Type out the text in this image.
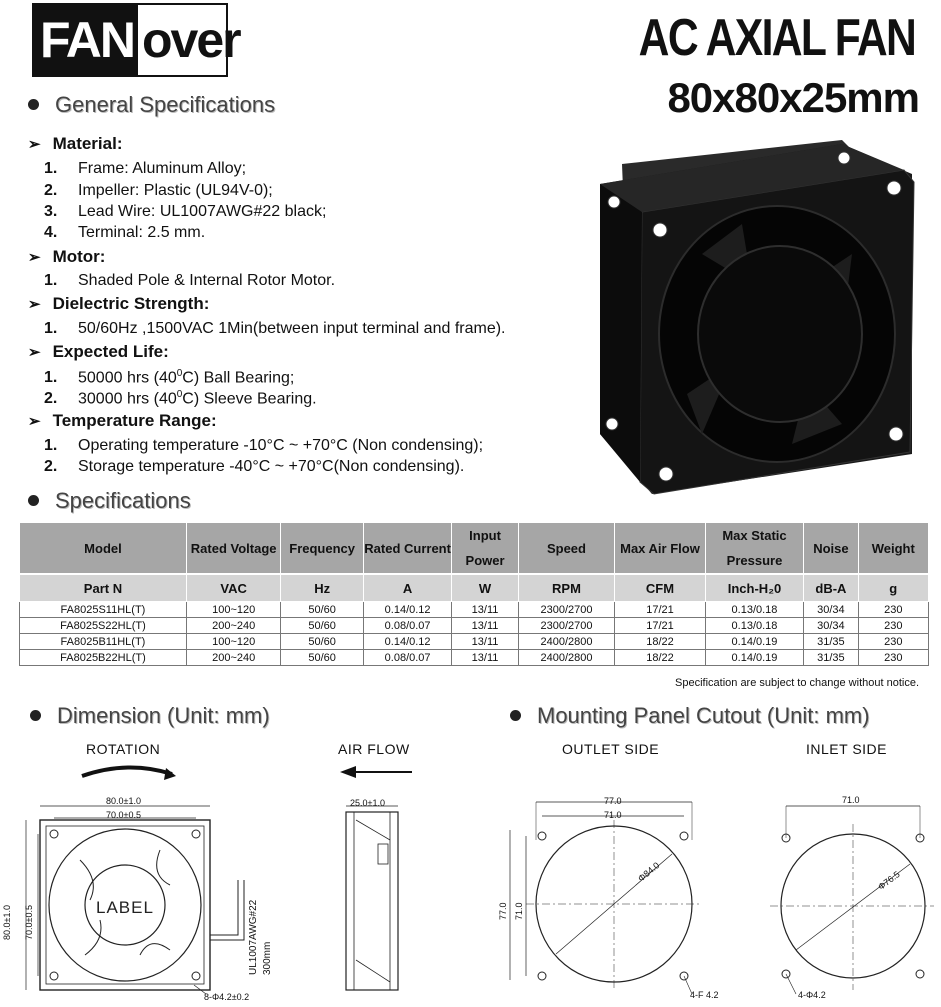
FAN over	AC AXIAL FAN
80x80x25mm
General Specifications
➢ Material:
1. Frame: Aluminum Alloy;
2. Impeller: Plastic (UL94V-0);
3. Lead Wire: UL1007AWG#22 black;
4. Terminal: 2.5 mm.
➢ Motor:
1. Shaded Pole & Internal Rotor Motor.
➢ Dielectric Strength:
1. 50/60Hz ,1500VAC 1Min(between input terminal and frame).
➢ Expected Life:
1. 50000 hrs $(40^0C)$ Ball Bearing;
2. 30000 hrs $(40^0C)$ Sleeve Bearing.
➢ Temperature Range:
1. Operating temperature -10°C ~ +70°C (Non condensing);
2. Storage temperature -40°C ~ +70°C(Non condensing).
Specifications
Model	Rated Voltage	Frequency	Rated Current	Input Power	Speed	Max Air Flow	Max Static Pressure	Noise	Weight
Part N	VAC	Hz	A	W	RPM	CFM	Inch-H₂0	dB-A	g
FA8025S11HL(T)	100~120	50/60	0.14/0.12	13/11	2300/2700	17/21	0.13/0.18	30/34	230
FA8025S22HL(T)	200~240	50/60	0.08/0.07	13/11	2300/2700	17/21	0.13/0.18	30/34	230
FA8025B11HL(T)	100~120	50/60	0.14/0.12	13/11	2400/2800	18/22	0.14/0.19	31/35	230
FA8025B22HL(T)	200~240	50/60	0.08/0.07	13/11	2400/2800	18/22	0.14/0.19	31/35	230
Specification are subject to change without notice.
Dimension (Unit: mm)	Mounting Panel Cutout (Unit: mm)
ROTATION	AIR FLOW	OUTLET SIDE	INLET SIDE
80.0±1.0
70.0±0.5
25.0±1.0
80.0±1.0 70.0±0.5	LABEL	UL1007AWG#22 300mm
8-Φ4.2±0.2
77.0
71.0
77.0 71.0
Φ84.0
4-F 4.2
71.0
Φ76.5
4-Φ4.2
